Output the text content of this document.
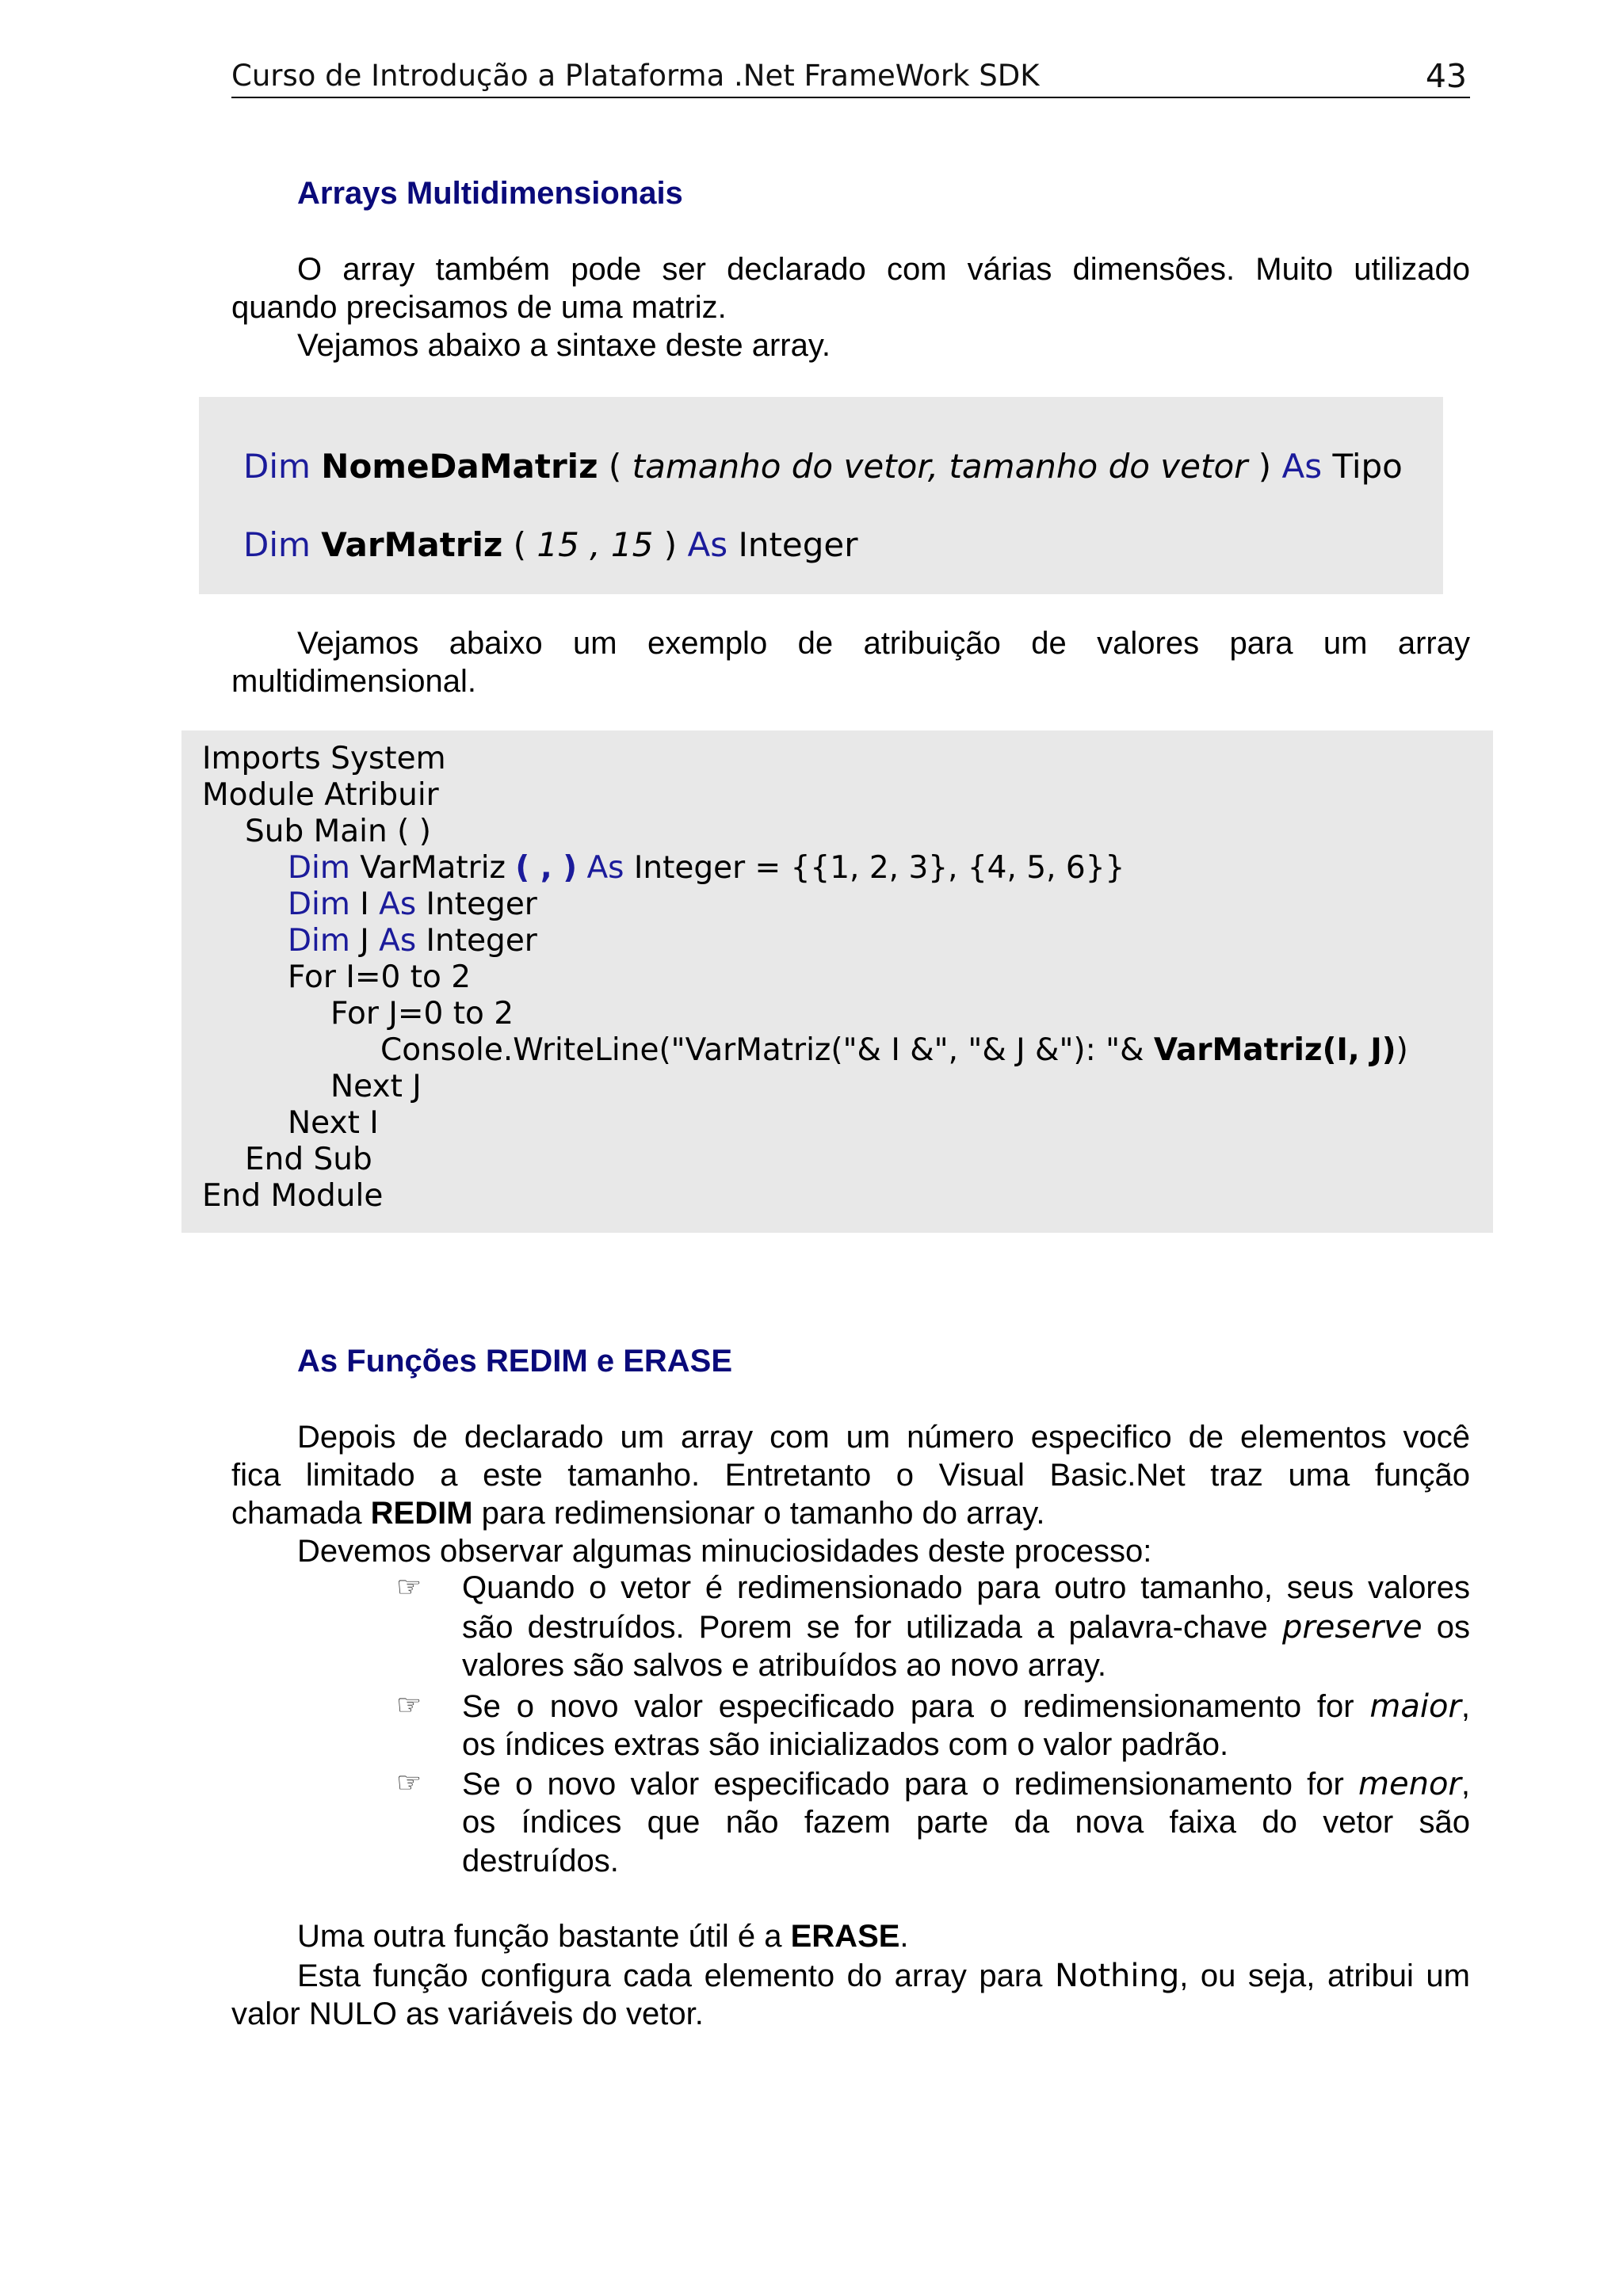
Curso de Introdução a Plataforma .Net FrameWork SDK	43
Arrays Multidimensionais
O array também pode ser declarado com várias dimensões. Muito utilizado
quando precisamos de uma matriz.
Vejamos abaixo a sintaxe deste array.
Dim NomeDaMatriz ( tamanho do vetor, tamanho do vetor ) As Tipo
Dim VarMatriz ( 15 , 15 ) As Integer
Vejamos abaixo um exemplo de atribuição de valores para um array
multidimensional.
Imports System
Module Atribuir
Sub Main ( )
Dim VarMatriz ( , ) As Integer = {{1, 2, 3}, {4, 5, 6}}
Dim I As Integer
Dim J As Integer
For I=0 to 2
For J=0 to 2
Console.WriteLine("VarMatriz("& I &", "& J &"): "& VarMatriz(I, J))
Next J
Next I
End Sub
End Module
As Funções REDIM e ERASE
Depois de declarado um array com um número especifico de elementos você
fica limitado a este tamanho. Entretanto o Visual Basic.Net traz uma função
chamada REDIM para redimensionar o tamanho do array.
Devemos observar algumas minuciosidades deste processo:
☞ Quando o vetor é redimensionado para outro tamanho, seus valores
são destruídos. Porem se for utilizada a palavra-chave preserve os
valores são salvos e atribuídos ao novo array.
☞ Se o novo valor especificado para o redimensionamento for maior,
os índices extras são inicializados com o valor padrão.
☞ Se o novo valor especificado para o redimensionamento for menor,
os índices que não fazem parte da nova faixa do vetor são
destruídos.
Uma outra função bastante útil é a ERASE.
Esta função configura cada elemento do array para Nothing, ou seja, atribui um
valor NULO as variáveis do vetor.
